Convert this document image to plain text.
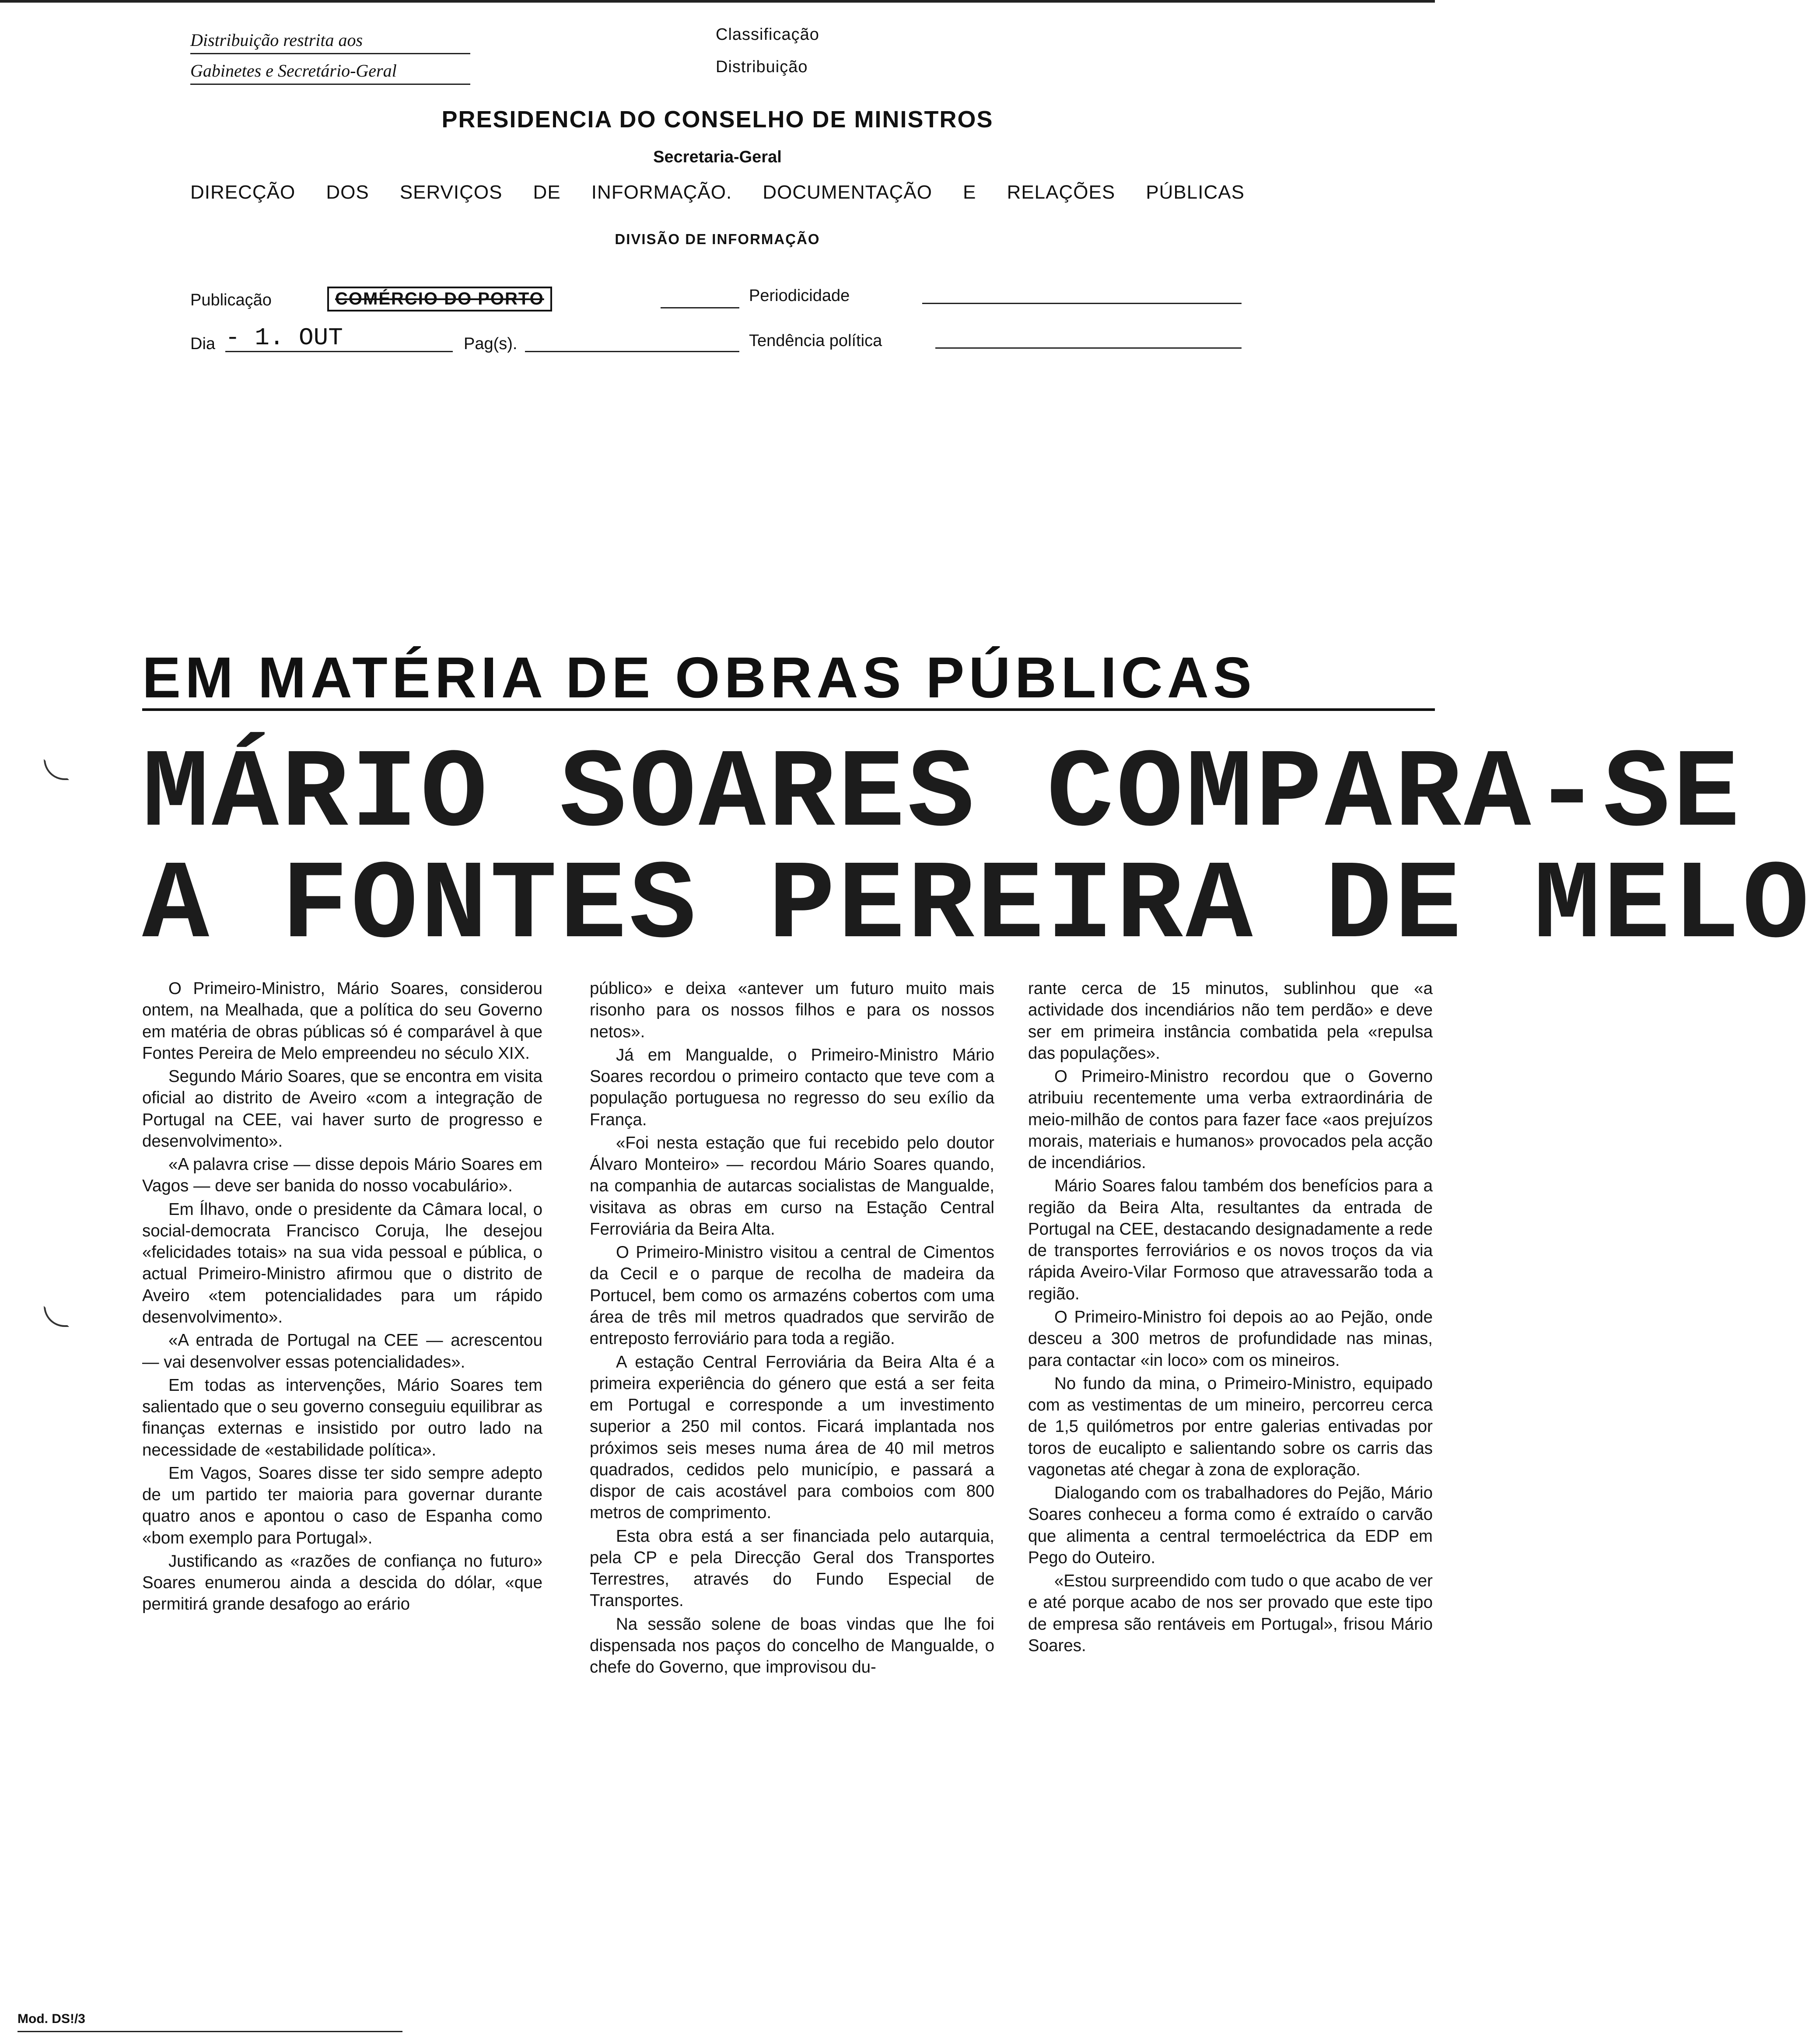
Distribuição restrita aos
Gabinetes e Secretário-Geral
Classificação
Distribuição
PRESIDENCIA DO CONSELHO DE MINISTROS
Secretaria-Geral
DIRECÇÃO DOS SERVIÇOS DE INFORMAÇÃO. DOCUMENTAÇÃO E RELAÇÕES PÚBLICAS
DIVISÃO DE INFORMAÇÃO
Publicação	COMÉRCIO DO PORTO	Periodicidade
Dia - 1. OUT	Pag(s).	Tendência política
EM MATÉRIA DE OBRAS PÚBLICAS
MÁRIO SOARES COMPARA-SE
A FONTES PEREIRA DE MELO

O Primeiro-Ministro, Mário Soares, considerou ontem, na Mealhada, que a política do seu Governo em matéria de obras públicas só é comparável à que Fontes Pereira de Melo empreendeu no século XIX.

Segundo Mário Soares, que se encontra em visita oficial ao distrito de Aveiro «com a integração de Portugal na CEE, vai haver surto de progresso e desenvolvimento».

«A palavra crise — disse depois Mário Soares em Vagos — deve ser banida do nosso vocabulário».

Em Ílhavo, onde o presidente da Câmara local, o social-democrata Francisco Coruja, lhe desejou «felicidades totais» na sua vida pessoal e pública, o actual Primeiro-Ministro afirmou que o distrito de Aveiro «tem potencialidades para um rápido desenvolvimento».

«A entrada de Portugal na CEE — acrescentou — vai desenvolver essas potencialidades».

Em todas as intervenções, Mário Soares tem salientado que o seu governo conseguiu equilibrar as finanças externas e insistido por outro lado na necessidade de «estabilidade política».

Em Vagos, Soares disse ter sido sempre adepto de um partido ter maioria para governar durante quatro anos e apontou o caso de Espanha como «bom exemplo para Portugal».

Justificando as «razões de confiança no futuro» Soares enumerou ainda a descida do dólar, «que permitirá grande desafogo ao erário

público» e deixa «antever um futuro muito mais risonho para os nossos filhos e para os nossos netos».

Já em Mangualde, o Primeiro-Ministro Mário Soares recordou o primeiro contacto que teve com a população portuguesa no regresso do seu exílio da França.

«Foi nesta estação que fui recebido pelo doutor Álvaro Monteiro» — recordou Mário Soares quando, na companhia de autarcas socialistas de Mangualde, visitava as obras em curso na Estação Central Ferroviária da Beira Alta.

O Primeiro-Ministro visitou a central de Cimentos da Cecil e o parque de recolha de madeira da Portucel, bem como os armazéns cobertos com uma área de três mil metros quadrados que servirão de entreposto ferroviário para toda a região.

A estação Central Ferroviária da Beira Alta é a primeira experiência do género que está a ser feita em Portugal e corresponde a um investimento superior a 250 mil contos. Ficará implantada nos próximos seis meses numa área de 40 mil metros quadrados, cedidos pelo município, e passará a dispor de cais acostável para comboios com 800 metros de comprimento.

Esta obra está a ser financiada pelo autarquia, pela CP e pela Direcção Geral dos Transportes Terrestres, através do Fundo Especial de Transportes.

Na sessão solene de boas vindas que lhe foi dispensada nos paços do concelho de Mangualde, o chefe do Governo, que improvisou du-

rante cerca de 15 minutos, sublinhou que «a actividade dos incendiários não tem perdão» e deve ser em primeira instância combatida pela «repulsa das populações».

O Primeiro-Ministro recordou que o Governo atribuiu recentemente uma verba extraordinária de meio-milhão de contos para fazer face «aos prejuízos morais, materiais e humanos» provocados pela acção de incendiários.

Mário Soares falou também dos benefícios para a região da Beira Alta, resultantes da entrada de Portugal na CEE, destacando designadamente a rede de transportes ferroviários e os novos troços da via rápida Aveiro-Vilar Formoso que atravessarão toda a região.

O Primeiro-Ministro foi depois ao ao Pejão, onde desceu a 300 metros de profundidade nas minas, para contactar «in loco» com os mineiros.

No fundo da mina, o Primeiro-Ministro, equipado com as vestimentas de um mineiro, percorreu cerca de 1,5 quilómetros por entre galerias entivadas por toros de eucalipto e salientando sobre os carris das vagonetas até chegar à zona de exploração.

Dialogando com os trabalhadores do Pejão, Mário Soares conheceu a forma como é extraído o carvão que alimenta a central termoeléctrica da EDP em Pego do Outeiro.

«Estou surpreendido com tudo o que acabo de ver e até porque acabo de nos ser provado que este tipo de empresa são rentáveis em Portugal», frisou Mário Soares.

Mod. DS!/3
